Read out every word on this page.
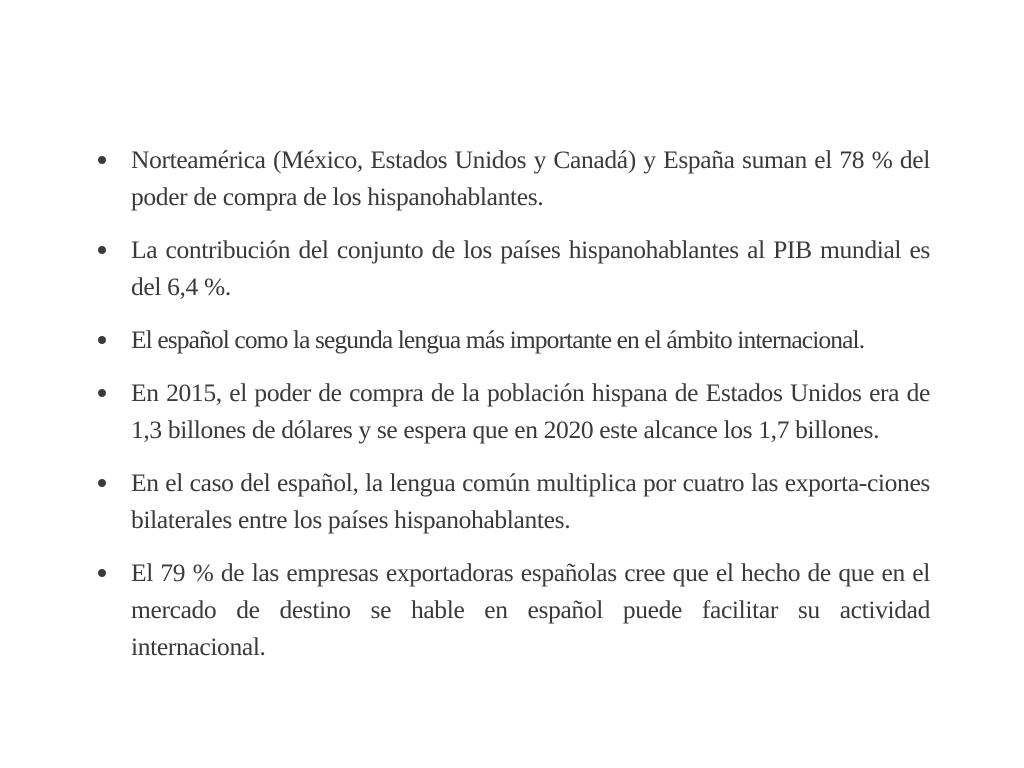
Norteamérica (México, Estados Unidos y Canadá) y España suman el 78 % del poder de compra de los hispanohablantes.
La contribución del conjunto de los países hispanohablantes al PIB mundial es del 6,4 %.
El español como la segunda lengua más importante en el ámbito internacional.
En 2015, el poder de compra de la población hispana de Estados Unidos era de 1,3 billones de dólares y se espera que en 2020 este alcance los 1,7 billones.
En el caso del español, la lengua común multiplica por cuatro las exporta-ciones bilaterales entre los países hispanohablantes.
El 79 % de las empresas exportadoras españolas cree que el hecho de que en el mercado de destino se hable en español puede facilitar su actividad internacional.
